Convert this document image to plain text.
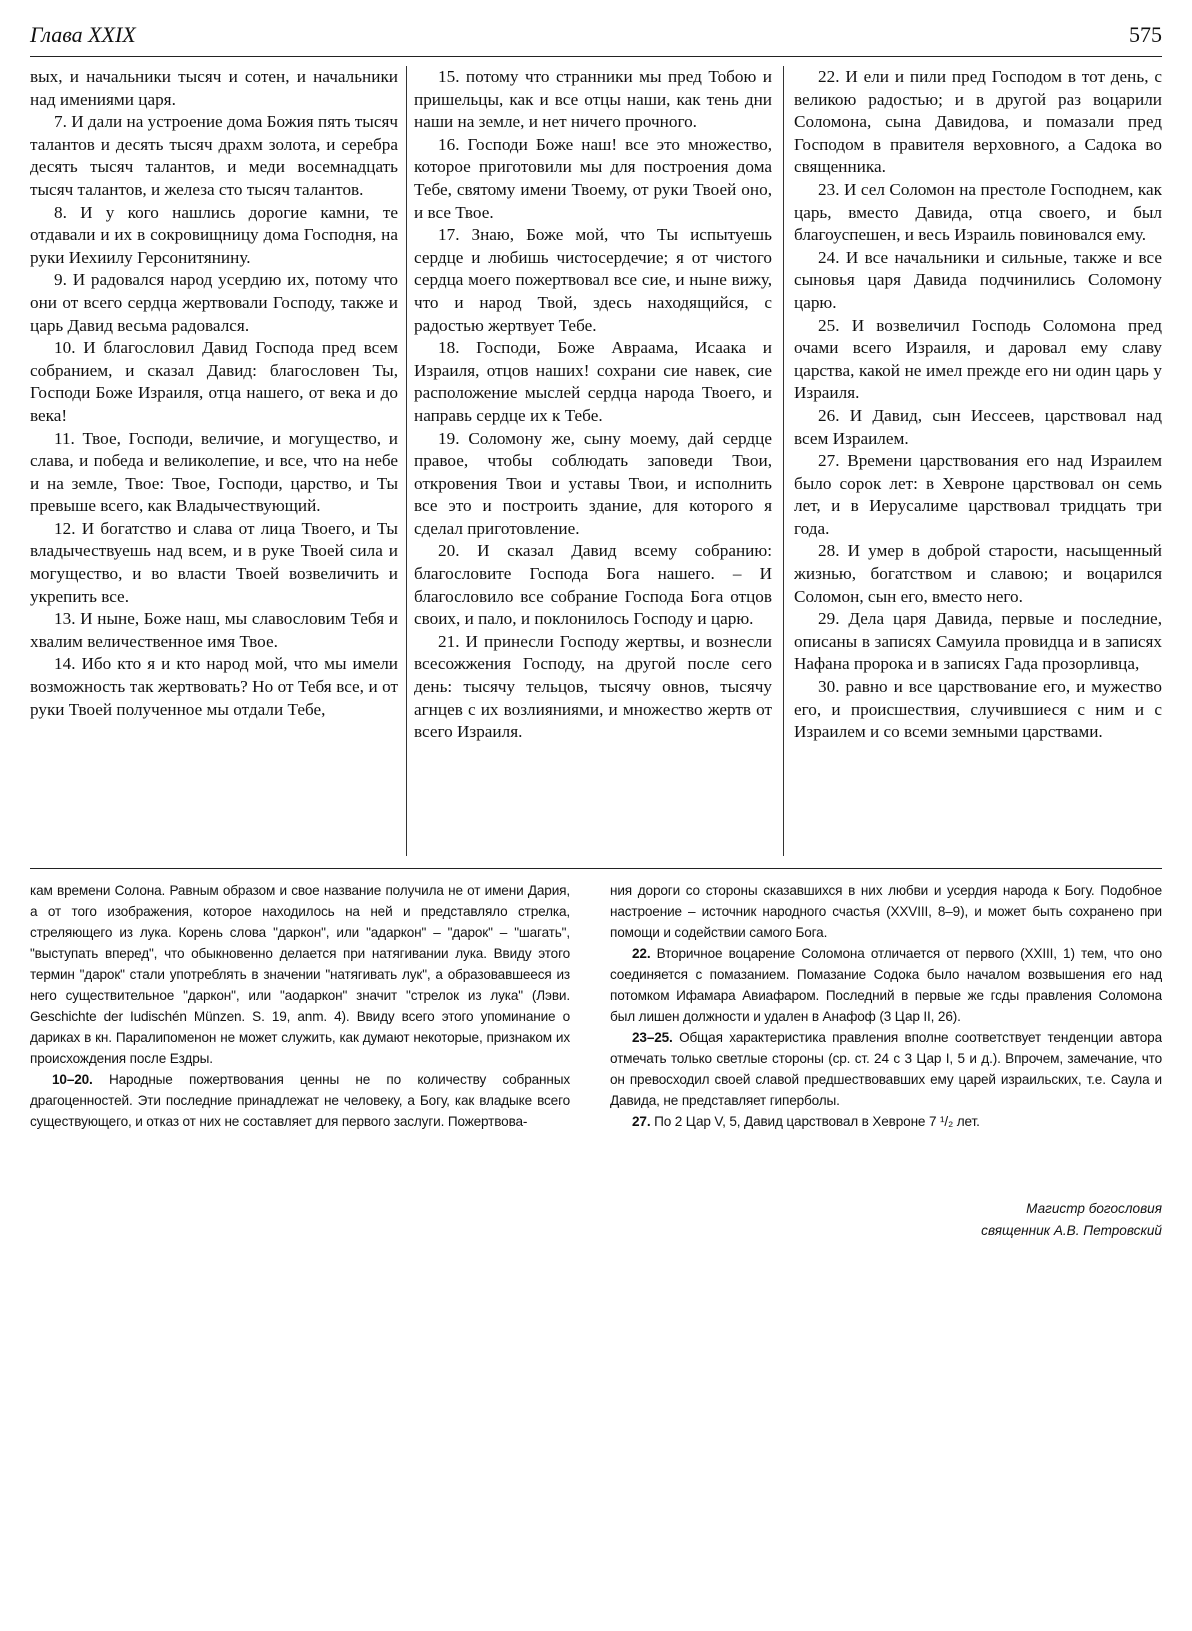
Глава XXIX	575

вых, и начальники тысяч и сотен, и начальники над имениями царя.

7. И дали на устроение дома Божия пять тысяч талантов и десять тысяч драхм золота, и серебра десять тысяч талантов, и меди восемнадцать тысяч талантов, и железа сто тысяч талантов.

8. И у кого нашлись дорогие камни, те отдавали и их в сокровищницу дома Господня, на руки Иехиилу Герсонитянину.

9. И радовался народ усердию их, потому что они от всего сердца жертвовали Господу, также и царь Давид весьма радовался.

10. И благословил Давид Господа пред всем собранием, и сказал Давид: благословен Ты, Господи Боже Израиля, отца нашего, от века и до века!

11. Твое, Господи, величие, и могущество, и слава, и победа и великолепие, и все, что на небе и на земле, Твое: Твое, Господи, царство, и Ты превыше всего, как Владычествующий.

12. И богатство и слава от лица Твоего, и Ты владычествуешь над всем, и в руке Твоей сила и могущество, и во власти Твоей возвеличить и укрепить все.

13. И ныне, Боже наш, мы славословим Тебя и хвалим величественное имя Твое.

14. Ибо кто я и кто народ мой, что мы имели возможность так жертвовать? Но от Тебя все, и от руки Твоей полученное мы отдали Тебе,

15. потому что странники мы пред Тобою и пришельцы, как и все отцы наши, как тень дни наши на земле, и нет ничего прочного.

16. Господи Боже наш! все это множество, которое приготовили мы для построения дома Тебе, святому имени Твоему, от руки Твоей оно, и все Твое.

17. Знаю, Боже мой, что Ты испытуешь сердце и любишь чистосердечие; я от чистого сердца моего пожертвовал все сие, и ныне вижу, что и народ Твой, здесь находящийся, с радостью жертвует Тебе.

18. Господи, Боже Авраама, Исаака и Израиля, отцов наших! сохрани сие навек, сие расположение мыслей сердца народа Твоего, и направь сердце их к Тебе.

19. Соломону же, сыну моему, дай сердце правое, чтобы соблюдать заповеди Твои, откровения Твои и уставы Твои, и исполнить все это и построить здание, для которого я сделал приготовление.

20. И сказал Давид всему собранию: благословите Господа Бога нашего. – И благословило все собрание Господа Бога отцов своих, и пало, и поклонилось Господу и царю.

21. И принесли Господу жертвы, и вознесли всесожжения Господу, на другой после сего день: тысячу тельцов, тысячу овнов, тысячу агнцев с их возлияниями, и множество жертв от всего Израиля.

22. И ели и пили пред Господом в тот день, с великою радостью; и в другой раз воцарили Соломона, сына Давидова, и помазали пред Господом в правителя верховного, а Садока во священника.

23. И сел Соломон на престоле Господнем, как царь, вместо Давида, отца своего, и был благоуспешен, и весь Израиль повиновался ему.

24. И все начальники и сильные, также и все сыновья царя Давида подчинились Соломону царю.

25. И возвеличил Господь Соломона пред очами всего Израиля, и даровал ему славу царства, какой не имел прежде его ни один царь у Израиля.

26. И Давид, сын Иессеев, царствовал над всем Израилем.

27. Времени царствования его над Израилем было сорок лет: в Хевроне царствовал он семь лет, и в Иерусалиме царствовал тридцать три года.

28. И умер в доброй старости, насыщенный жизнью, богатством и славою; и воцарился Соломон, сын его, вместо него.

29. Дела царя Давида, первые и последние, описаны в записях Самуила провидца и в записях Нафана пророка и в записях Гада прозорливца,

30. равно и все царствование его, и мужество его, и происшествия, случившиеся с ним и с Израилем и со всеми земными царствами.

кам времени Солона. Равным образом и свое название получила не от имени Дария, а от того изображения, которое находилось на ней и представляло стрелка, стреляющего из лука. Корень слова "даркон", или "адаркон" – "дарок" – "шагать", "выступать вперед", что обыкновенно делается при натягивании лука. Ввиду этого термин "дарок" стали употреблять в значении "натягивать лук", а образовавшееся из него существительное "даркон", или "аодаркон" значит "стрелок из лука" (Лэви. Geschichte der Iudischén Münzen. S. 19, anm. 4). Ввиду всего этого упоминание о дариках в кн. Паралипоменон не может служить, как думают некоторые, признаком их происхождения после Ездры.

10–20. Народные пожертвования ценны не по количеству собранных драгоценностей. Эти последние принадлежат не человеку, а Богу, как владыке всего существующего, и отказ от них не составляет для первого заслуги. Пожертвова-

ния дороги со стороны сказавшихся в них любви и усердия народа к Богу. Подобное настроение – источник народного счастья (XXVIII, 8–9), и может быть сохранено при помощи и содействии самого Бога.

22. Вторичное воцарение Соломона отличается от первого (XXIII, 1) тем, что оно соединяется с помазанием. Помазание Содока было началом возвышения его над потомком Ифамара Авиафаром. Последний в первые же гсды правления Соломона был лишен должности и удален в Анафоф (3 Цар II, 26).

23–25. Общая характеристика правления вполне соответствует тенденции автора отмечать только светлые стороны (ср. ст. 24 с 3 Цар I, 5 и д.). Впрочем, замечание, что он превосходил своей славой предшествовавших ему царей израильских, т.е. Саула и Давида, не представляет гиперболы.

27. По 2 Цар V, 5, Давид царствовал в Хевроне 7 ¹/₂ лет.

Магистр богословия
священник А.В. Петровский
